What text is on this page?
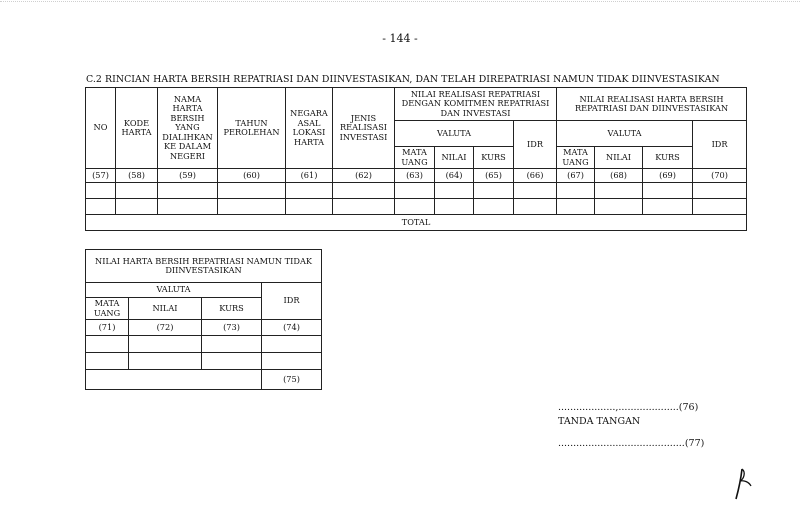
- 144 -
C.2 RINCIAN HARTA BERSIH REPATRIASI DAN DIINVESTASIKAN, DAN TELAH DIREPATRIASI NAMUN TIDAK DIINVESTASIKAN
NO	KODE HARTA	NAMA HARTA BERSIH YANG DIALIHKAN KE DALAM NEGERI	TAHUN PEROLEHAN	NEGARA ASAL LOKASI HARTA	JENIS REALISASI INVESTASI	NILAI REALISASI REPATRIASI DENGAN KOMITMEN REPATRIASI DAN INVESTASI				NILAI REALISASI HARTA BERSIH REPATRIASI DAN DIINVESTASIKAN			
						VALUTA			IDR	VALUTA			IDR
						MATA UANG	NILAI	KURS		MATA UANG	NILAI	KURS	
(57)	(58)	(59)	(60)	(61)	(62)	(63)	(64)	(65)	(66)	(67)	(68)	(69)	(70)

TOTAL													
NILAI HARTA BERSIH REPATRIASI NAMUN TIDAK DIINVESTASIKAN			
VALUTA			IDR
MATA UANG	NILAI	KURS	
(71)	(72)	(73)	(74)

			(75)
...................,....................(76)
TANDA TANGAN
..........................................(77)
